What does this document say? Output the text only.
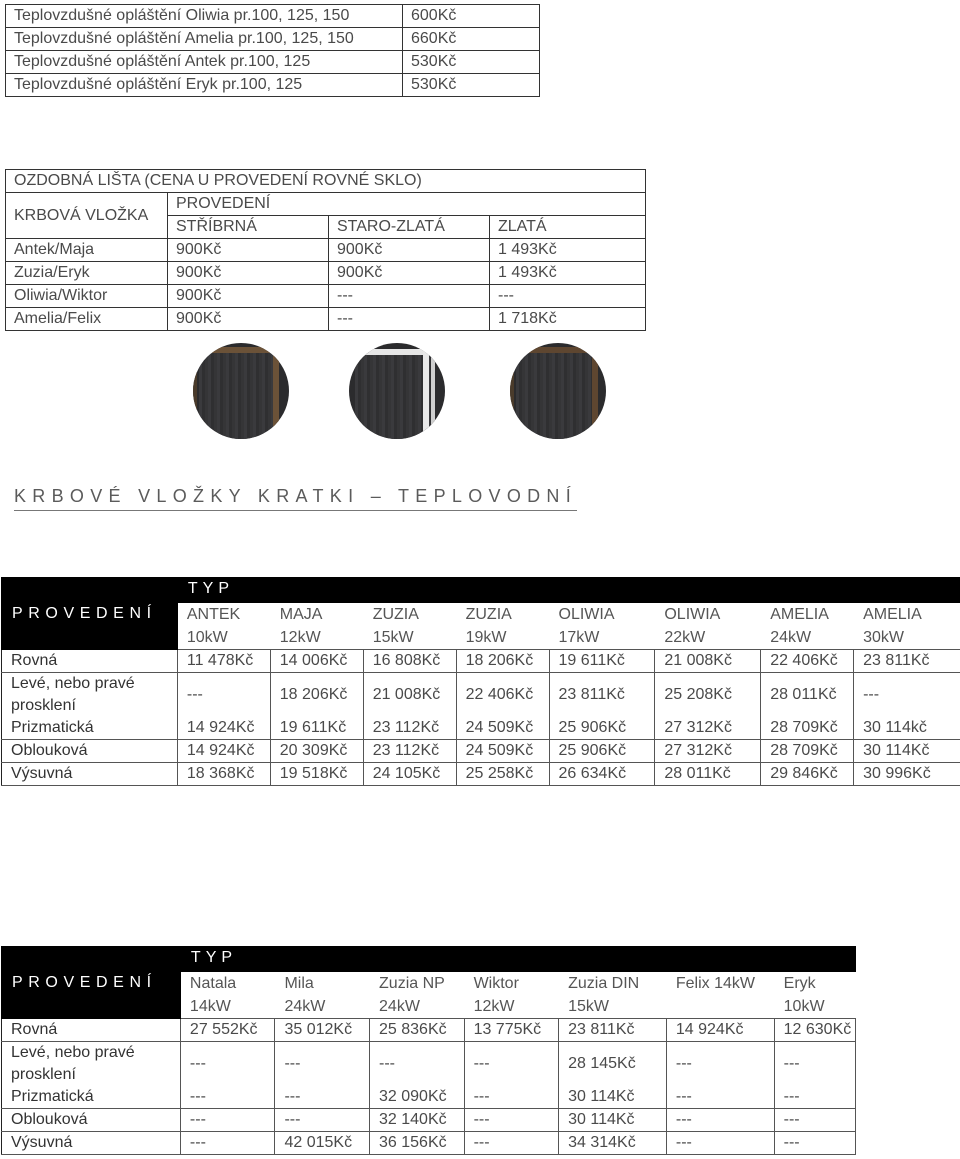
Teplovzdušné opláštění Oliwia pr.100, 125, 150	600Kč
Teplovzdušné opláštění Amelia pr.100, 125, 150	660Kč
Teplovzdušné opláštění Antek pr.100, 125	530Kč
Teplovzdušné opláštění Eryk pr.100, 125	530Kč
OZDOBNÁ LIŠTA (CENA U PROVEDENÍ ROVNÉ SKLO)			
KRBOVÁ VLOŽKA	PROVEDENÍ		
	STŘÍBRNÁ	STARO-ZLATÁ	ZLATÁ
Antek/Maja	900Kč	900Kč	1 493Kč
Zuzia/Eryk	900Kč	900Kč	1 493Kč
Oliwia/Wiktor	900Kč	---	---
Amelia/Felix	900Kč	---	1 718Kč
KRBOVÉ VLOŽKY KRATKI – TEPLOVODNÍ
PROVEDENÍ	TYP							
	ANTEK	MAJA	ZUZIA	ZUZIA	OLIWIA	OLIWIA	AMELIA	AMELIA
	10kW	12kW	15kW	19kW	17kW	22kW	24kW	30kW
Rovná	11 478Kč	14 006Kč	16 808Kč	18 206Kč	19 611Kč	21 008Kč	22 406Kč	23 811Kč
Levé, nebo pravé prosklení	---	18 206Kč	21 008Kč	22 406Kč	23 811Kč	25 208Kč	28 011Kč	---
Prizmatická	14 924Kč	19 611Kč	23 112Kč	24 509Kč	25 906Kč	27 312Kč	28 709Kč	30 114kč
Oblouková	14 924Kč	20 309Kč	23 112Kč	24 509Kč	25 906Kč	27 312Kč	28 709Kč	30 114Kč
Výsuvná	18 368Kč	19 518Kč	24 105Kč	25 258Kč	26 634Kč	28 011Kč	29 846Kč	30 996Kč
PROVEDENÍ	TYP						
	Natala	Mila	Zuzia NP	Wiktor	Zuzia DIN	Felix 14kW	Eryk
	14kW	24kW	24kW	12kW	15kW		10kW
Rovná	27 552Kč	35 012Kč	25 836Kč	13 775Kč	23 811Kč	14 924Kč	12 630Kč
Levé, nebo pravé prosklení	---	---	---	---	28 145Kč	---	---
Prizmatická	---	---	32 090Kč	---	30 114Kč	---	---
Oblouková	---	---	32 140Kč	---	30 114Kč	---	---
Výsuvná	---	42 015Kč	36 156Kč	---	34 314Kč	---	---
